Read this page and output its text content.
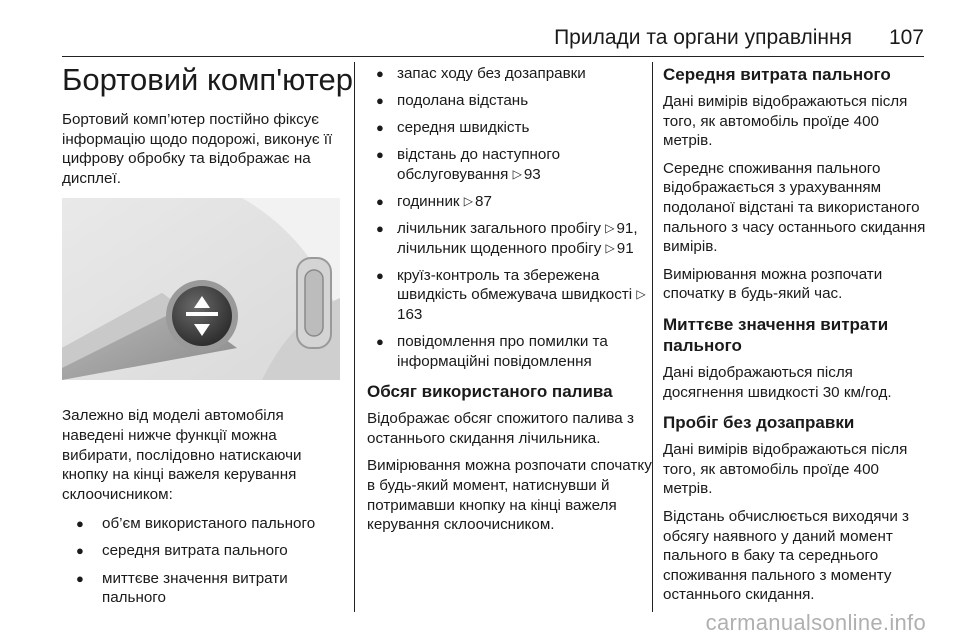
Прилади та органи управління 107
Бортовий комп'ютер

Бортовий комп’ютер постійно фіксує інформацію щодо подорожі, виконує її цифрову обробку та відображає на дисплеї.

Залежно від моделі автомобіля наведені нижче функції можна вибирати, послідовно натискаючи кнопку на кінці важеля керування склоочисником:

● об’єм використаного пального
● середня витрата пального
● миттєве значення витрати пального
● запас ходу без дозаправки
● подолана відстань
● середня швидкість
● відстань до наступного обслуговування ▷ 93
● годинник ▷ 87
● лічильник загального пробігу ▷ 91, лічильник щоденного пробігу ▷ 91
● круїз-контроль та збережена швидкість обмежувача швидкості ▷163
● повідомлення про помилки та інформаційні повідомлення
Обсяг використаного палива

Відображає обсяг спожитого палива з останнього скидання лічильника.

Вимірювання можна розпочати спочатку в будь-який момент, натиснувши й потримавши кнопку на кінці важеля керування склоочисником.

Середня витрата пального

Дані вимірів відображаються після того, як автомобіль проїде 400 метрів.

Середнє споживання пального відображається з урахуванням подоланої відстані та використаного пального з часу останнього скидання вимірів.

Вимірювання можна розпочати спочатку в будь-який час.

Миттєве значення витрати пального

Дані відображаються після досягнення швидкості 30 км/год.

Пробіг без дозаправки

Дані вимірів відображаються після того, як автомобіль проїде 400 метрів.

Відстань обчислюється виходячи з обсягу наявного у даний момент пального в баку та середнього споживання пального з моменту останнього скидання.

carmanualsonline.info
